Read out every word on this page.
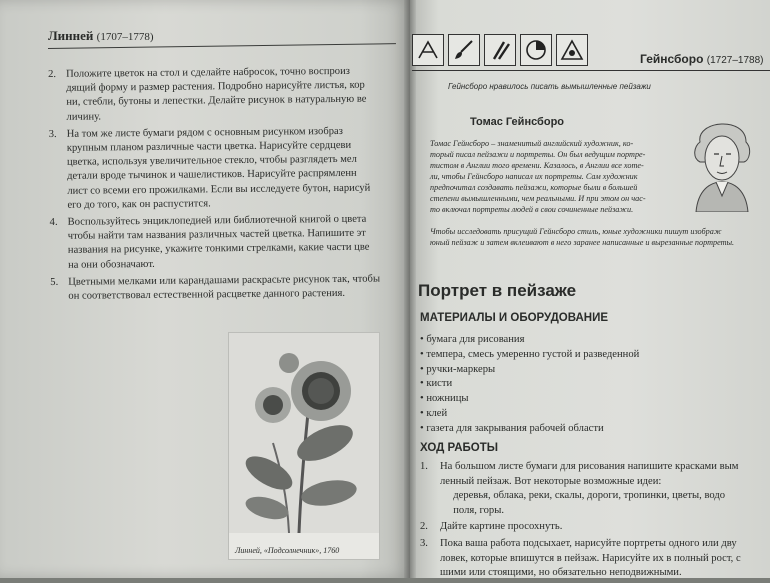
Линней (1707–1778)
2. Положите цветок на стол и сделайте набросок, точно воспроиз
дящий форму и размер растения. Подробно нарисуйте листья, кор
ни, стебли, бутоны и лепестки. Делайте рисунок в натуральную ве
личину.
3. На том же листе бумаги рядом с основным рисунком изобраз
крупным планом различные части цветка. Нарисуйте сердцеви
цветка, используя увеличительное стекло, чтобы разглядеть мел
детали вроде тычинок и чашелистиков. Нарисуйте распрямленн
лист со всеми его прожилками. Если вы исследуете бутон, нарисуй
его до того, как он распустится.
4. Воспользуйтесь энциклопедией или библиотечной книгой о цвета
чтобы найти там названия различных частей цветка. Напишите эт
названия на рисунке, укажите тонкими стрелками, какие части цве
на они обозначают.
5. Цветными мелками или карандашами раскрасьте рисунок так, чтобы
он соответствовал естественной расцветке данного растения.
Линней, «Подсолнечник», 1760
Гейнсборо (1727–1788)
Гейнсборо нравилось писать вымышленные пейзажи
Томас Гейнсборо
Томас Гейнсборо – знаменитый английский художник, ко-
торый писал пейзажи и портреты. Он был ведущим портре-
тистом в Англии того времени. Казалось, в Англии все хоте-
ли, чтобы Гейнсборо написал их портреты. Сам художник
предпочитал создавать пейзажи, которые были в большей
степени вымышленными, чем реальными. И при этом он час-
то включал портреты людей в свои сочиненные пейзажи.
Чтобы исследовать присущий Гейнсборо стиль, юные художники пишут изображ
юный пейзаж и затем вклеивают в него заранее написанные и вырезанные портреты.
Портрет в пейзаже
МАТЕРИАЛЫ И ОБОРУДОВАНИЕ
• бумага для рисования
• темпера, смесь умеренно густой и разведенной
• ручки-маркеры
• кисти
• ножницы
• клей
• газета для закрывания рабочей области
ХОД РАБОТЫ
1.	На большом листе бумаги для рисования напишите красками вым
ленный пейзаж. Вот некоторые возможные идеи:
деревья, облака, реки, скалы, дороги, тропинки, цветы, водо
поля, горы.
2.	Дайте картине просохнуть.
3.	Пока ваша работа подсыхает, нарисуйте портреты одного или дву
ловек, которые впишутся в пейзаж. Нарисуйте их в полный рост, с
шими или стоящими, но обязательно неподвижными.
